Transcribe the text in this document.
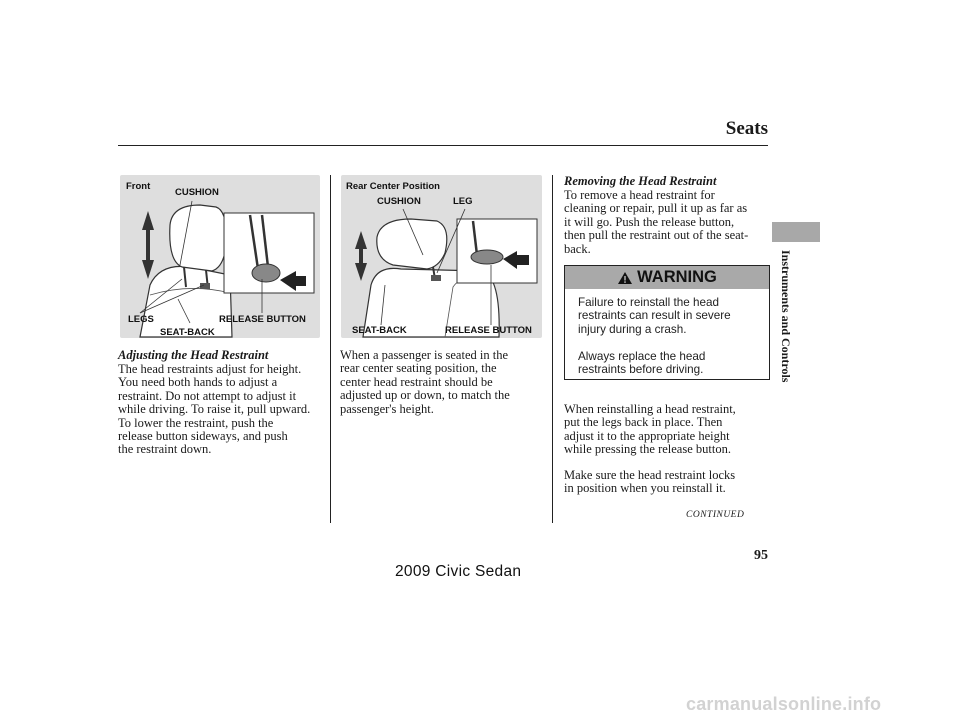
Seats
Instruments and Controls
Front
CUSHION
LEGS	RELEASE BUTTON
SEAT-BACK
Rear Center Position
CUSHION	LEG
SEAT-BACK	RELEASE BUTTON
Adjusting the Head Restraint
The head restraints adjust for height.
You need both hands to adjust a
restraint. Do not attempt to adjust it
while driving. To raise it, pull upward.
To lower the restraint, push the
release button sideways, and push
the restraint down.
When a passenger is seated in the
rear center seating position, the
center head restraint should be
adjusted up or down, to match the
passenger's height.
Removing the Head Restraint
To remove a head restraint for
cleaning or repair, pull it up as far as
it will go. Push the release button,
then pull the restraint out of the seat-
back.
WARNING
Failure to reinstall the head
restraints can result in severe
injury during a crash.
Always replace the head
restraints before driving.
When reinstalling a head restraint,
put the legs back in place. Then
adjust it to the appropriate height
while pressing the release button.
Make sure the head restraint locks
in position when you reinstall it.
CONTINUED
95
2009 Civic Sedan
carmanualsonline.info
